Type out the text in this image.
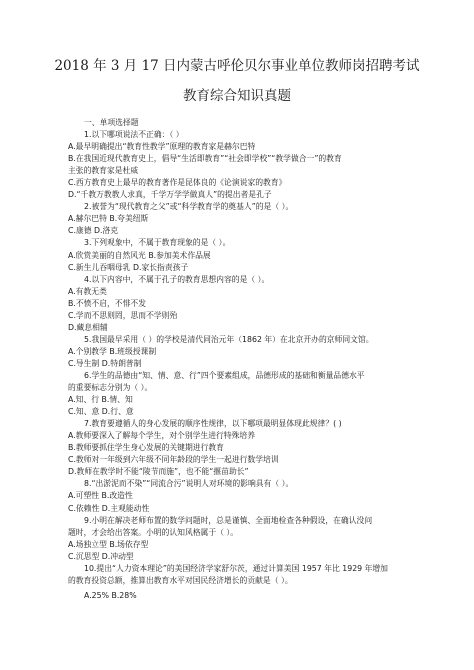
2018 年 3 月 17 日内蒙古呼伦贝尔事业单位教师岗招聘考试
教育综合知识真题
一、单项选择题
1.以下哪项说法不正确：（ ）
A.最早明确提出“教育性教学”原理的教育家是赫尔巴特
B.在我国近现代教育史上，倡导“生活即教育”“社会即学校”“教学做合一”的教育
主张的教育家是杜威
C.西方教育史上最早的教育著作是昆体良的《论演说家的教育》
D.“千教万教教人求真，千学万学学做真人”的提出者是孔子
2.被誉为“现代教育之父”或“科学教育学的奠基人”的是（ ）。
A.赫尔巴特 B.夸美纽斯
C.康德 D.洛克
3.下列观象中，不属于教育现象的是（ ）。
A.欣赏美丽的自然风光 B.参加美术作品展
C.新生儿吞咽母乳 D.家长指责孩子
4.以下内容中，不属于孔子的教育思想内容的是（ ）。
A.有教无类
B.不愤不启，不悱不发
C.学而不思则罔，思而不学则殆
D.藏息相辅
5.我国最早采用（ ）的学校是清代同治元年（1862 年）在北京开办的京师同文馆。
A.个别教学 B.班级授课制
C.导生制 D.特朗普制
6.学生的品德由“知、情、意、行”四个要素组成，品德形成的基础和衡量品德水平
的重要标志分别为（ ）。
A.知、行 B.情、知
C.知、意 D.行、意
7.教育要遵循人的身心发展的顺序性规律，以下哪项最明显体现此规律？( )
A.教师要深入了解每个学生，对个别学生进行特殊培养
B.教师要抓住学生身心发展的关键期进行教育
C.教师对一年级到六年级不同年龄段的学生一起进行数学培训
D.教师在教学时不能“陵节而施”，也不能“揠苗助长”
8.“出淤泥而不染”“同流合污”说明人对环境的影响具有（ ）。
A.可塑性 B.改造性
C.依赖性 D.主观能动性
9.小明在解决老师布置的数学问题时，总是谨慎、全面地检查各种假设，在确认没问
题时，才会给出答案。小明的认知风格属于（ ）。
A.场独立型 B.场依存型
C.沉思型 D.冲动型
10.提出“人力资本理论”的美国经济学家舒尔茨，通过计算美国 1957 年比 1929 年增加
的教育投资总额，推算出教育水平对国民经济增长的贡献是（ ）。
A.25% B.28%
